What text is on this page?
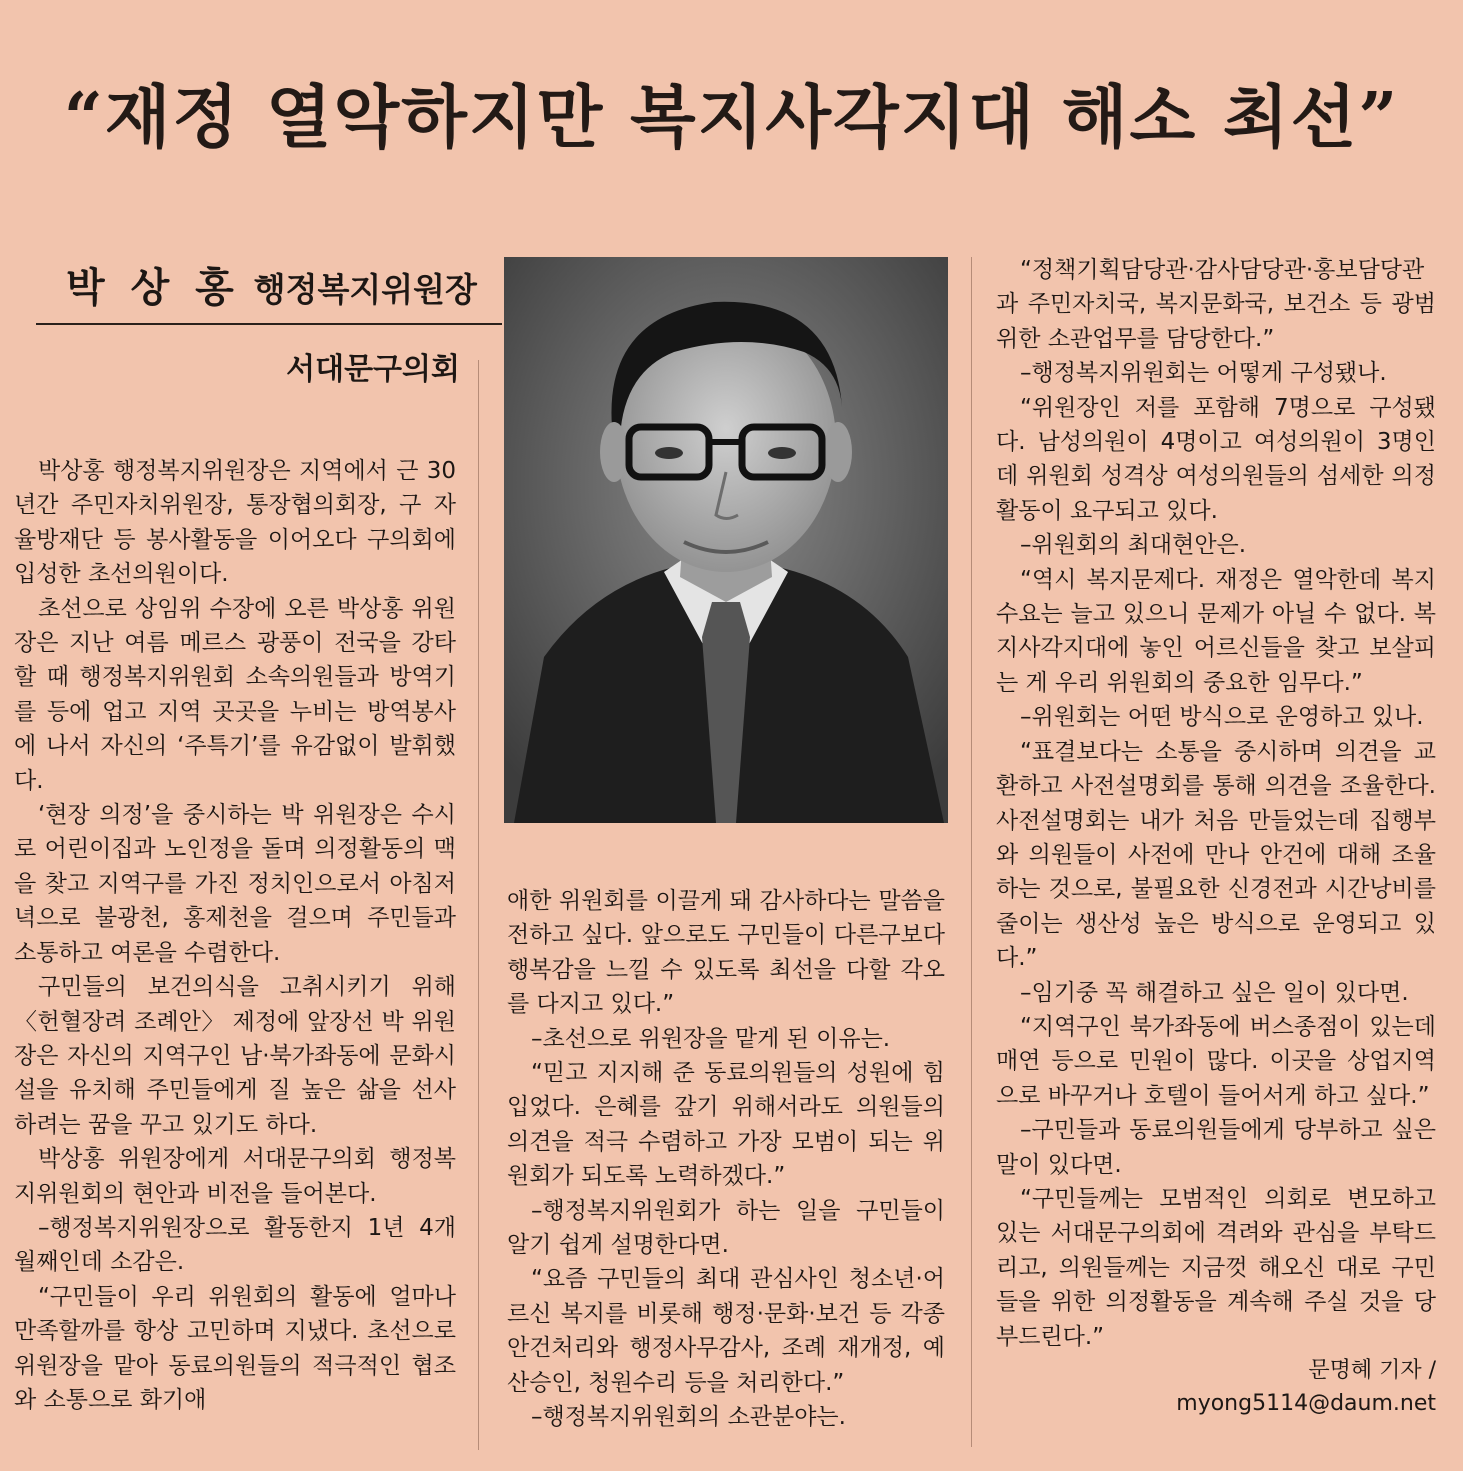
“재정 열악하지만 복지사각지대 해소 최선”
박 상 홍 행정복지위원장
서대문구의회

박상홍 행정복지위원장은 지역에서 근 30년간 주민자치위원장, 통장협의회장, 구 자율방재단 등 봉사활동을 이어오다 구의회에 입성한 초선의원이다.

초선으로 상임위 수장에 오른 박상홍 위원장은 지난 여름 메르스 광풍이 전국을 강타할 때 행정복지위원회 소속의원들과 방역기를 등에 업고 지역 곳곳을 누비는 방역봉사에 나서 자신의 ‘주특기’를 유감없이 발휘했다.

‘현장 의정’을 중시하는 박 위원장은 수시로 어린이집과 노인정을 돌며 의정활동의 맥을 찾고 지역구를 가진 정치인으로서 아침저녁으로 불광천, 홍제천을 걸으며 주민들과 소통하고 여론을 수렴한다.

구민들의 보건의식을 고취시키기 위해 〈헌혈장려 조례안〉 제정에 앞장선 박 위원장은 자신의 지역구인 남·북가좌동에 문화시설을 유치해 주민들에게 질 높은 삶을 선사하려는 꿈을 꾸고 있기도 하다.

박상홍 위원장에게 서대문구의회 행정복지위원회의 현안과 비전을 들어본다.

–행정복지위원장으로 활동한지 1년 4개월째인데 소감은.

“구민들이 우리 위원회의 활동에 얼마나 만족할까를 항상 고민하며 지냈다. 초선으로 위원장을 맡아 동료의원들의 적극적인 협조와 소통으로 화기애

애한 위원회를 이끌게 돼 감사하다는 말씀을 전하고 싶다. 앞으로도 구민들이 다른구보다 행복감을 느낄 수 있도록 최선을 다할 각오를 다지고 있다.”

–초선으로 위원장을 맡게 된 이유는.

“믿고 지지해 준 동료의원들의 성원에 힘입었다. 은혜를 갚기 위해서라도 의원들의 의견을 적극 수렴하고 가장 모범이 되는 위원회가 되도록 노력하겠다.”

–행정복지위원회가 하는 일을 구민들이 알기 쉽게 설명한다면.

“요즘 구민들의 최대 관심사인 청소년·어르신 복지를 비롯해 행정·문화·보건 등 각종 안건처리와 행정사무감사, 조례 재개정, 예산승인, 청원수리 등을 처리한다.”

–행정복지위원회의 소관분야는.

“정책기획담당관·감사담당관·홍보담당관과 주민자치국, 복지문화국, 보건소 등 광범위한 소관업무를 담당한다.”

–행정복지위원회는 어떻게 구성됐나.

“위원장인 저를 포함해 7명으로 구성됐다. 남성의원이 4명이고 여성의원이 3명인데 위원회 성격상 여성의원들의 섬세한 의정활동이 요구되고 있다.

–위원회의 최대현안은.

“역시 복지문제다. 재정은 열악한데 복지수요는 늘고 있으니 문제가 아닐 수 없다. 복지사각지대에 놓인 어르신들을 찾고 보살피는 게 우리 위원회의 중요한 임무다.”

–위원회는 어떤 방식으로 운영하고 있나.

“표결보다는 소통을 중시하며 의견을 교환하고 사전설명회를 통해 의견을 조율한다. 사전설명회는 내가 처음 만들었는데 집행부와 의원들이 사전에 만나 안건에 대해 조율하는 것으로, 불필요한 신경전과 시간낭비를 줄이는 생산성 높은 방식으로 운영되고 있다.”

–임기중 꼭 해결하고 싶은 일이 있다면.

“지역구인 북가좌동에 버스종점이 있는데 매연 등으로 민원이 많다. 이곳을 상업지역으로 바꾸거나 호텔이 들어서게 하고 싶다.”

–구민들과 동료의원들에게 당부하고 싶은 말이 있다면.

“구민들께는 모범적인 의회로 변모하고 있는 서대문구의회에 격려와 관심을 부탁드리고, 의원들께는 지금껏 해오신 대로 구민들을 위한 의정활동을 계속해 주실 것을 당부드린다.”

문명혜 기자 /
myong5114@daum.net
